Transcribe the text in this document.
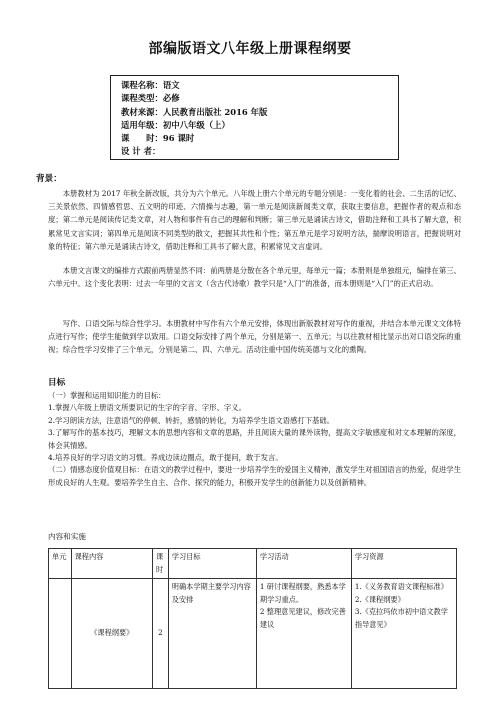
部编版语文八年级上册课程纲要
课程名称：语文
课程类型：必修
教材来源：人民教育出版社 2016 年版
适用年级：初中八年级（上）
课　　时：96 课时
设 计 者：
背景：

本册教材为 2017 年秋全新改版，共分为六个单元。八年级上册六个单元的专题分别是：一变化着的社会、二生活的记忆、三关景依然、四情感哲思、五文明的印迹、六情操与志趣，第一单元是阅读新闻类文章，获取主要信息，把握作者的观点和态度；第二单元是阅读传记类文章，对人物和事件有自己的理解和判断；第三单元是诵读古诗文，借助注释和工具书了解大意，积累常见文言实词；第四单元是阅读不同类型的散文，把握其共性和个性；第五单元是学习说明方法，揣摩说明语言，把握说明对象的特征；第六单元是诵读古诗文，借助注释和工具书了解大意，积累常见文言虚词。

本册文言课文的编排方式跟前两册显然不同：前两册是分散在各个单元里，每单元一篇；本册则是单独组元，编排在第三、六单元中。这个变化表明：过去一年里的文言文（含古代诗歌）教学只是“入门”的准备，而本册则是“入门”的正式启动。

写作、口语交际与综合性学习。本册教材中写作有六个单元安排，体现出新版教材对写作的重视，并结合本单元课文文体特点进行写作；使学生能做到学以致用。口语交际安排了两个单元，分别是第一、五单元；与以往教材相比显示出对口语交际的重视；综合性学习安排了三个单元，分别是第二、四、六单元。活动注重中国传统美德与文化的熏陶。

目标

（一）掌握和运用知识能力的目标：

1.掌握八年级上册语文所要识记的生字的字音、字形、字义。

2.学习朗读方法，注意语气的停顿、转折，感情的转化，为培养学生语文语感打下基础。

3.了解写作的基本技巧，理解文本的思想内容和文章的思路，并且阅读大量的课外读物，提高文字敏感度和对文本理解的深度，体会其情感。

4.培养良好的学习语文的习惯。养成边读边圈点，敢于提问，敢于发言。

（二）情感态度价值观目标：在语文的教学过程中，要进一步培养学生的爱国主义精神，激发学生对祖国语言的热爱，促进学生形成良好的人生观。要培养学生自主、合作、探究的能力，积极开发学生的创新能力以及创新精神。

内容和实施
单元	课程内容	课时	学习目标	学习活动	学习资源
	《课程纲要》	2	明确本学期主要学习内容及安排	1 研讨课程纲要，熟悉本学期学习重点。
2 整理意见建议，修改完善建议	1.《义务教育语文课程标准》
2.《课程纲要》
3.《克拉玛依市初中语文教学指导意见》
